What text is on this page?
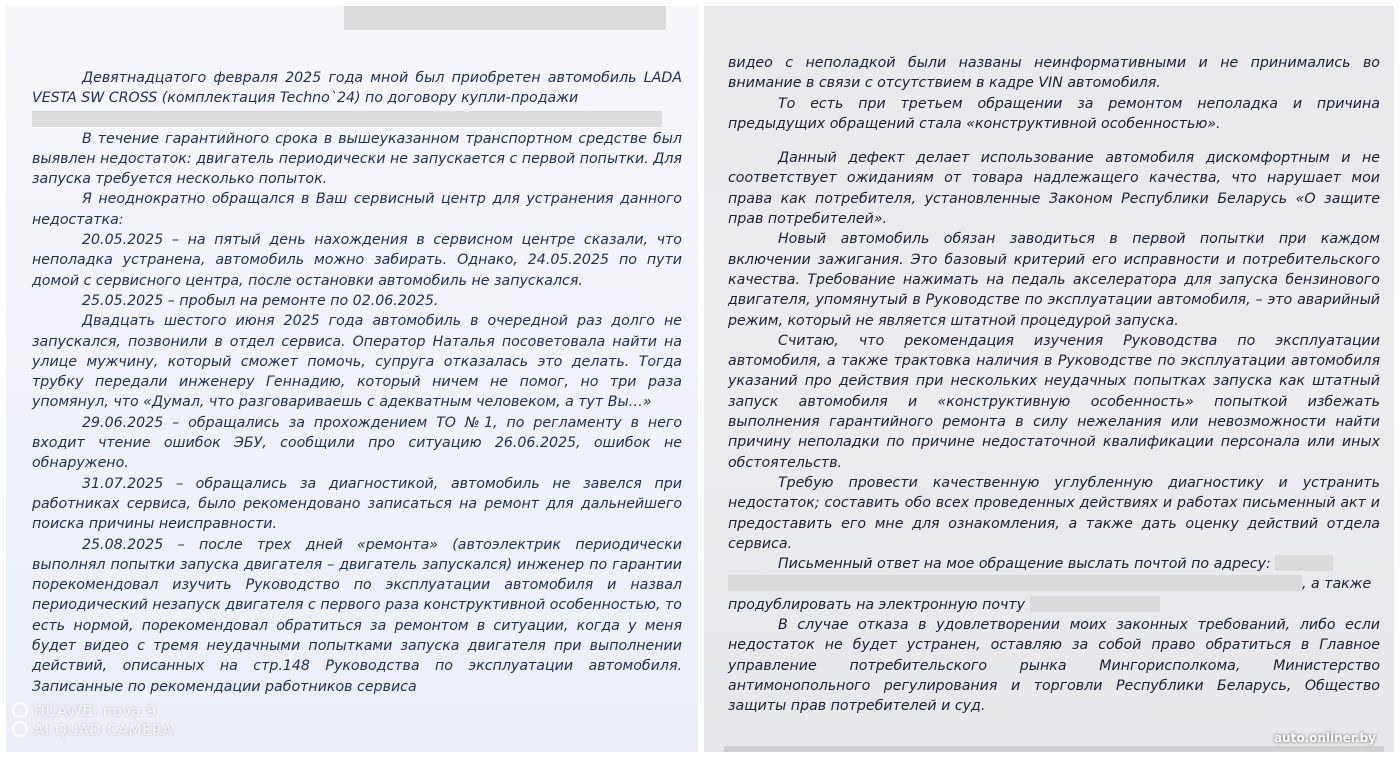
Девятнадцатого февраля 2025 года мной был приобретен автомобиль LADA VESTA SW CROSS (комплектация Techno`24) по договору купли-продажи

В течение гарантийного срока в вышеуказанном транспортном средстве был выявлен недостаток: двигатель периодически не запускается с первой попытки. Для запуска требуется несколько попыток.

Я неоднократно обращался в Ваш сервисный центр для устранения данного недостатка:

20.05.2025 – на пятый день нахождения в сервисном центре сказали, что неполадка устранена, автомобиль можно забирать. Однако, 24.05.2025 по пути домой с сервисного центра, после остановки автомобиль не запускался.

25.05.2025 – пробыл на ремонте по 02.06.2025.

Двадцать шестого июня 2025 года автомобиль в очередной раз долго не запускался, позвонили в отдел сервиса. Оператор Наталья посоветовала найти на улице мужчину, который сможет помочь, супруга отказалась это делать. Тогда трубку передали инженеру Геннадию, который ничем не помог, но три раза упомянул, что «Думал, что разговариваешь с адекватным человеком, а тут Вы…»

29.06.2025 – обращались за прохождением ТО №1, по регламенту в него входит чтение ошибок ЭБУ, сообщили про ситуацию 26.06.2025, ошибок не обнаружено.

31.07.2025 – обращались за диагностикой, автомобиль не завелся при работниках сервиса, было рекомендовано записаться на ремонт для дальнейшего поиска причины неисправности.

25.08.2025 – после трех дней «ремонта» (автоэлектрик периодически выполнял попытки запуска двигателя – двигатель запускался) инженер по гарантии порекомендовал изучить Руководство по эксплуатации автомобиля и назвал периодический незапуск двигателя с первого раза конструктивной особенностью, то есть нормой, порекомендовал обратиться за ремонтом в ситуации, когда у меня будет видео с тремя неудачными попытками запуска двигателя при выполнении действий, описанных на стр.148 Руководства по эксплуатации автомобиля. Записанные по рекомендации работников сервиса

HUAWEI nova 9
AI QUAD CAMERA

видео с неполадкой были названы неинформативными и не принимались во внимание в связи с отсутствием в кадре VIN автомобиля.

То есть при третьем обращении за ремонтом неполадка и причина предыдущих обращений стала «конструктивной особенностью».

Данный дефект делает использование автомобиля дискомфортным и не соответствует ожиданиям от товара надлежащего качества, что нарушает мои права как потребителя, установленные Законом Республики Беларусь «О защите прав потребителей».

Новый автомобиль обязан заводиться в первой попытки при каждом включении зажигания. Это базовый критерий его исправности и потребительского качества. Требование нажимать на педаль акселератора для запуска бензинового двигателя, упомянутый в Руководстве по эксплуатации автомобиля, – это аварийный режим, который не является штатной процедурой запуска.

Считаю, что рекомендация изучения Руководства по эксплуатации автомобиля, а также трактовка наличия в Руководстве по эксплуатации автомобиля указаний про действия при нескольких неудачных попытках запуска как штатный запуск автомобиля и «конструктивную особенность» попыткой избежать выполнения гарантийного ремонта в силу нежелания или невозможности найти причину неполадки по причине недостаточной квалификации персонала или иных обстоятельств.

Требую провести качественную углубленную диагностику и устранить недостаток; составить обо всех проведенных действиях и работах письменный акт и предоставить его мне для ознакомления, а также дать оценку действий отдела сервиса.

Письменный ответ на мое обращение выслать почтой по адресу:

, а также

продублировать на электронную почту

В случае отказа в удовлетворении моих законных требований, либо если недостаток не будет устранен, оставляю за собой право обратиться в Главное управление потребительского рынка Мингорисполкома, Министерство антимонопольного регулирования и торговли Республики Беларусь, Общество защиты прав потребителей и суд.

auto.onliner.by
